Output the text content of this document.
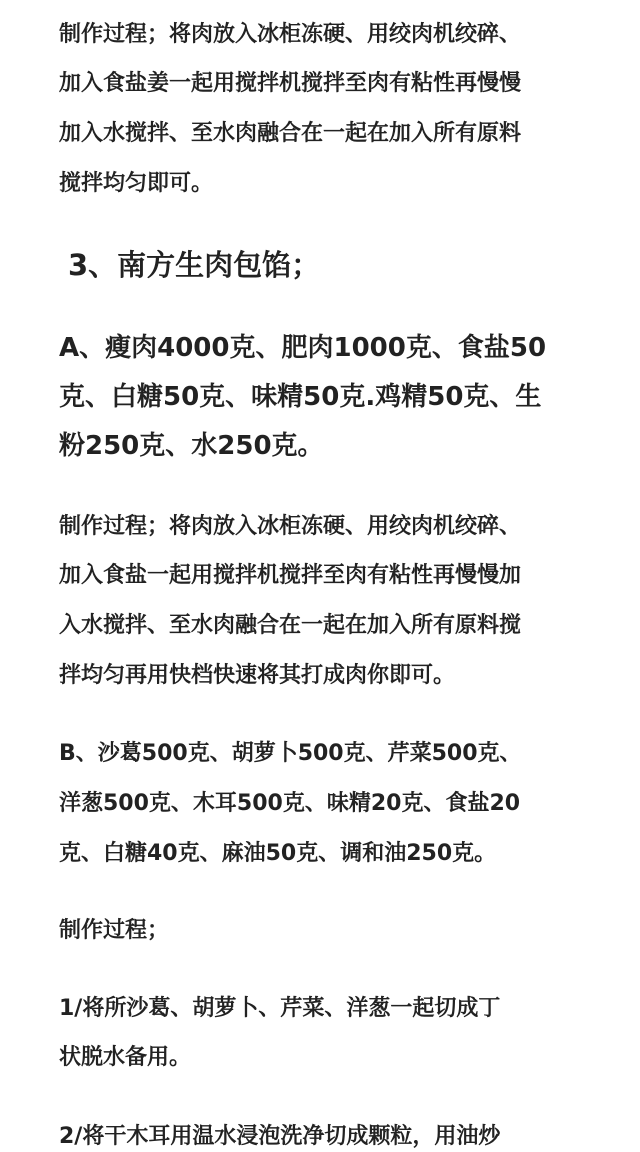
制作过程；将肉放入冰柜冻硬、用绞肉机绞碎、
加入食盐姜一起用搅拌机搅拌至肉有粘性再慢慢
加入水搅拌、至水肉融合在一起在加入所有原料
搅拌均匀即可。
3、南方生肉包馅；
A、瘦肉4000克、肥肉1000克、食盐50
克、白糖50克、味精50克.鸡精50克、生
粉250克、水250克。
制作过程；将肉放入冰柜冻硬、用绞肉机绞碎、
加入食盐一起用搅拌机搅拌至肉有粘性再慢慢加
入水搅拌、至水肉融合在一起在加入所有原料搅
拌均匀再用快档快速将其打成肉你即可。
B、沙葛500克、胡萝卜500克、芹菜500克、
洋葱500克、木耳500克、味精20克、食盐20
克、白糖40克、麻油50克、调和油250克。
制作过程；
1/将所沙葛、胡萝卜、芹菜、洋葱一起切成丁
状脱水备用。
2/将干木耳用温水浸泡洗净切成颗粒，用油炒
